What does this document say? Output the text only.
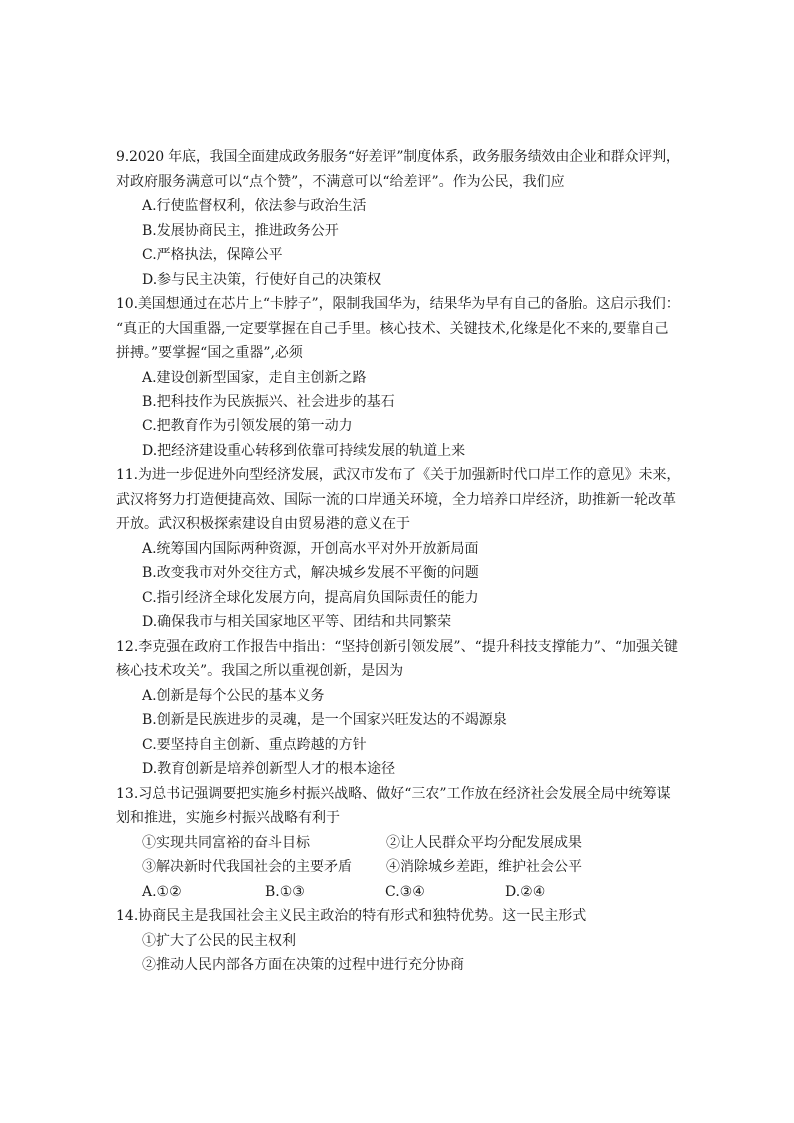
9.2020 年底，我国全面建成政务服务“好差评”制度体系，政务服务绩效由企业和群众评判，
对政府服务满意可以“点个赞”，不满意可以“给差评”。作为公民，我们应
A.行使监督权利，依法参与政治生活
B.发展协商民主，推进政务公开
C.严格执法，保障公平
D.参与民主决策，行使好自己的决策权
10.美国想通过在芯片上“卡脖子”，限制我国华为，结果华为早有自己的备胎。这启示我们：
“真正的大国重器,一定要掌握在自己手里。核心技术、关键技术,化缘是化不来的,要靠自己
拼搏。”要掌握“国之重器”,必须
A.建设创新型国家，走自主创新之路
B.把科技作为民族振兴、社会进步的基石
C.把教育作为引领发展的第一动力
D.把经济建设重心转移到依靠可持续发展的轨道上来
11.为进一步促进外向型经济发展，武汉市发布了《关于加强新时代口岸工作的意见》未来，
武汉将努力打造便捷高效、国际一流的口岸通关环境，全力培养口岸经济，助推新一轮改革
开放。武汉积极探索建设自由贸易港的意义在于
A.统筹国内国际两种资源，开创高水平对外开放新局面
B.改变我市对外交往方式，解决城乡发展不平衡的问题
C.指引经济全球化发展方向，提高肩负国际责任的能力
D.确保我市与相关国家地区平等、团结和共同繁荣
12.李克强在政府工作报告中指出：“坚持创新引领发展”、“提升科技支撑能力”、“加强关键
核心技术攻关”。我国之所以重视创新，是因为
A.创新是每个公民的基本义务
B.创新是民族进步的灵魂，是一个国家兴旺发达的不竭源泉
C.要坚持自主创新、重点跨越的方针
D.教育创新是培养创新型人才的根本途径
13.习总书记强调要把实施乡村振兴战略、做好“三农”工作放在经济社会发展全局中统筹谋
划和推进，实施乡村振兴战略有利于
①实现共同富裕的奋斗目标	②让人民群众平均分配发展成果
③解决新时代我国社会的主要矛盾 ④消除城乡差距，维护社会公平
A.①②	B.①③	C.③④	D.②④
14.协商民主是我国社会主义民主政治的特有形式和独特优势。这一民主形式
①扩大了公民的民主权利
②推动人民内部各方面在决策的过程中进行充分协商
